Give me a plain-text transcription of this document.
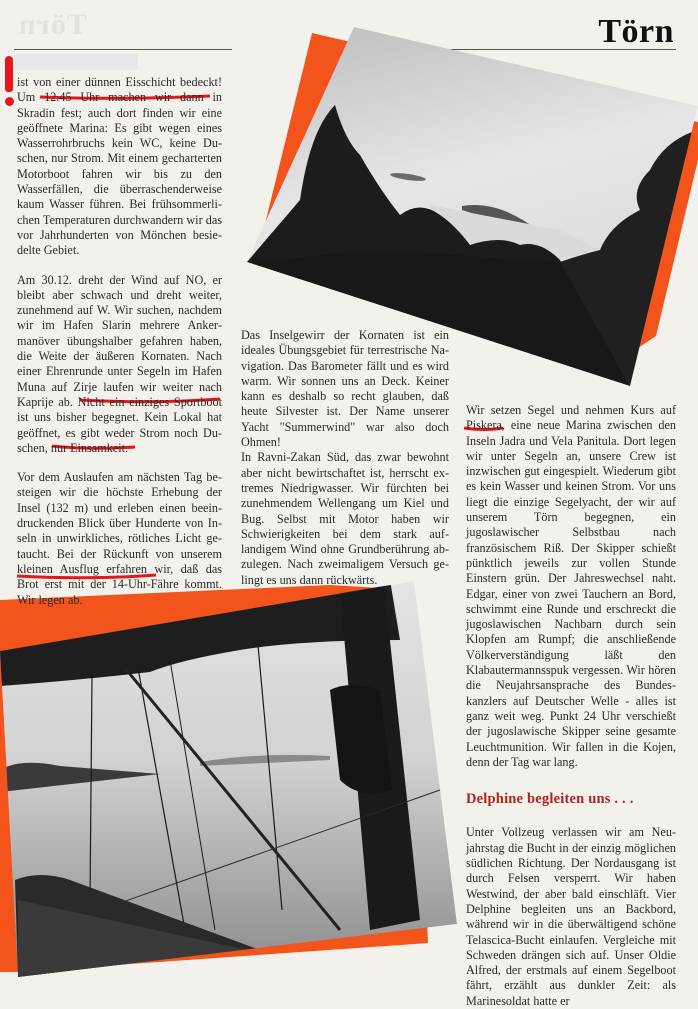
Törn	Törn

ist von einer dünnen Eisschicht bedeckt! Um 12.45 Uhr machen wir dann in Skradin fest; auch dort finden wir eine geöffnete Marina: Es gibt wegen eines Wasserrohrbruchs kein WC, keine Duschen, nur Strom. Mit einem gecharterten Motorboot fahren wir bis zu den Wasserfällen, die überraschenderweise kaum Wasser führen. Bei frühsommerlichen Temperaturen durchwandern wir das vor Jahrhunderten von Mönchen besiedelte Gebiet.

Am 30.12. dreht der Wind auf NO, er bleibt aber schwach und dreht weiter, zunehmend auf W. Wir suchen, nachdem wir im Hafen Slarin mehrere Ankermanöver übungshalber gefahren haben, die Weite der äußeren Kornaten. Nach einer Ehrenrunde unter Segeln im Hafen Muna auf Zirje laufen wir weiter nach Kaprije ab. Nicht ein einziges Sportboot ist uns bisher begegnet. Kein Lokal hat geöffnet, es gibt weder Strom noch Duschen, nur Einsamkeit.

Vor dem Auslaufen am nächsten Tag besteigen wir die höchste Erhebung der Insel (132 m) und erleben einen beeindruckenden Blick über Hunderte von Inseln in unwirkliches, rötliches Licht getaucht. Bei der Rückunft von unserem kleinen Ausflug erfahren wir, daß das Brot erst mit der 14-Uhr-Fähre kommt. Wir legen ab.

Das Inselgewirr der Kornaten ist ein ideales Übungsgebiet für terrestrische Navigation. Das Barometer fällt und es wird warm. Wir sonnen uns an Deck. Keiner kann es deshalb so recht glauben, daß heute Silvester ist. Der Name unserer Yacht "Summerwind" war also doch Ohmen!

In Ravni-Zakan Süd, das zwar bewohnt aber nicht bewirtschaftet ist, herrscht extremes Niedrigwasser. Wir fürchten bei zunehmendem Wellengang um Kiel und Bug. Selbst mit Motor haben wir Schwierigkeiten bei dem stark auflandigem Wind ohne Grundberührung abzulegen. Nach zweimaligem Versuch gelingt es uns dann rückwärts.

Wir setzen Segel und nehmen Kurs auf Piskera, eine neue Marina zwischen den Inseln Jadra und Vela Panitula. Dort legen wir unter Segeln an, unsere Crew ist inzwischen gut eingespielt. Wiederum gibt es kein Wasser und keinen Strom. Vor uns liegt die einzige Segelyacht, der wir auf unserem Törn begegnen, ein jugoslawischer Selbstbau nach französischem Riß. Der Skipper schießt pünktlich jeweils zur vollen Stunde Einstern grün. Der Jahreswechsel naht. Edgar, einer von zwei Tauchern an Bord, schwimmt eine Runde und erschreckt die jugoslawischen Nachbarn durch sein Klopfen am Rumpf; die anschließende Völkerverständigung läßt den Klabautermannsspuk vergessen. Wir hören die Neujahrsansprache des Bundeskanzlers auf Deutscher Welle - alles ist ganz weit weg. Punkt 24 Uhr verschießt der jugoslawische Skipper seine gesamte Leuchtmunition. Wir fallen in die Kojen, denn der Tag war lang.

Delphine begleiten uns . . .

Unter Vollzeug verlassen wir am Neujahrstag die Bucht in der einzig möglichen südlichen Richtung. Der Nordausgang ist durch Felsen versperrt. Wir haben Westwind, der aber bald einschläft. Vier Delphine begleiten uns an Backbord, während wir in die überwältigend schöne Telascica-Bucht einlaufen. Vergleiche mit Schweden drängen sich auf. Unser Oldie Alfred, der erstmals auf einem Segelboot fährt, erzählt aus dunkler Zeit: als Marinesoldat hatte er
